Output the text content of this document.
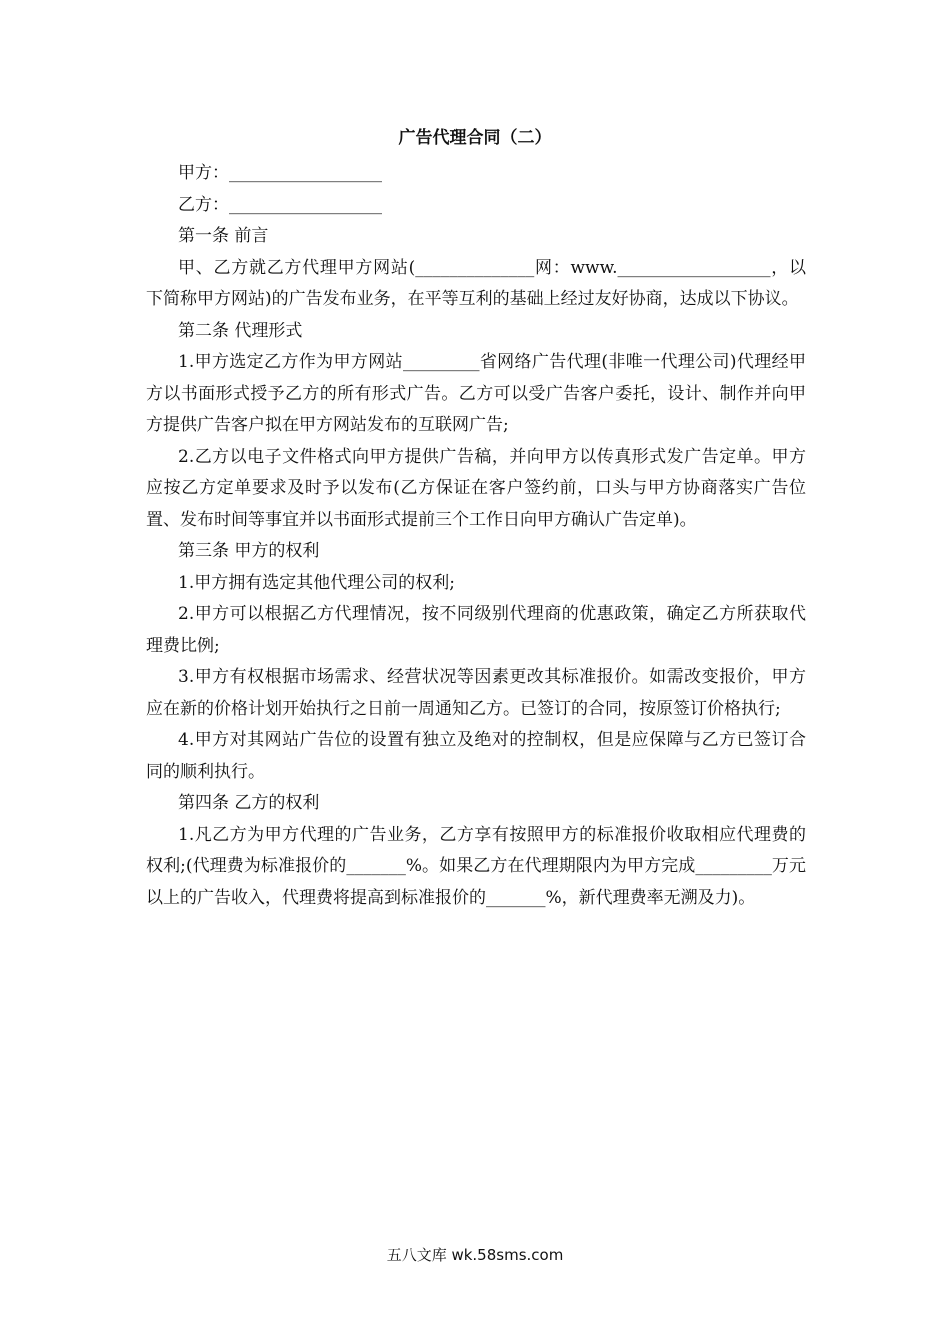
广告代理合同（二）

甲方：__________________

乙方：__________________

第一条 前言

甲、乙方就乙方代理甲方网站(______________网：www.__________________，以下简称甲方网站)的广告发布业务，在平等互利的基础上经过友好协商，达成以下协议。

第二条 代理形式

1.甲方选定乙方作为甲方网站_________省网络广告代理(非唯一代理公司)代理经甲方以书面形式授予乙方的所有形式广告。乙方可以受广告客户委托，设计、制作并向甲方提供广告客户拟在甲方网站发布的互联网广告;

2.乙方以电子文件格式向甲方提供广告稿，并向甲方以传真形式发广告定单。甲方应按乙方定单要求及时予以发布(乙方保证在客户签约前，口头与甲方协商落实广告位置、发布时间等事宜并以书面形式提前三个工作日向甲方确认广告定单)。

第三条 甲方的权利

1.甲方拥有选定其他代理公司的权利;

2.甲方可以根据乙方代理情况，按不同级别代理商的优惠政策，确定乙方所获取代理费比例;

3.甲方有权根据市场需求、经营状况等因素更改其标准报价。如需改变报价，甲方应在新的价格计划开始执行之日前一周通知乙方。已签订的合同，按原签订价格执行;

4.甲方对其网站广告位的设置有独立及绝对的控制权，但是应保障与乙方已签订合同的顺利执行。

第四条 乙方的权利

1.凡乙方为甲方代理的广告业务，乙方享有按照甲方的标准报价收取相应代理费的权利;(代理费为标准报价的_______%。如果乙方在代理期限内为甲方完成_________万元以上的广告收入，代理费将提高到标准报价的_______%，新代理费率无溯及力)。

五八文库 wk.58sms.com
